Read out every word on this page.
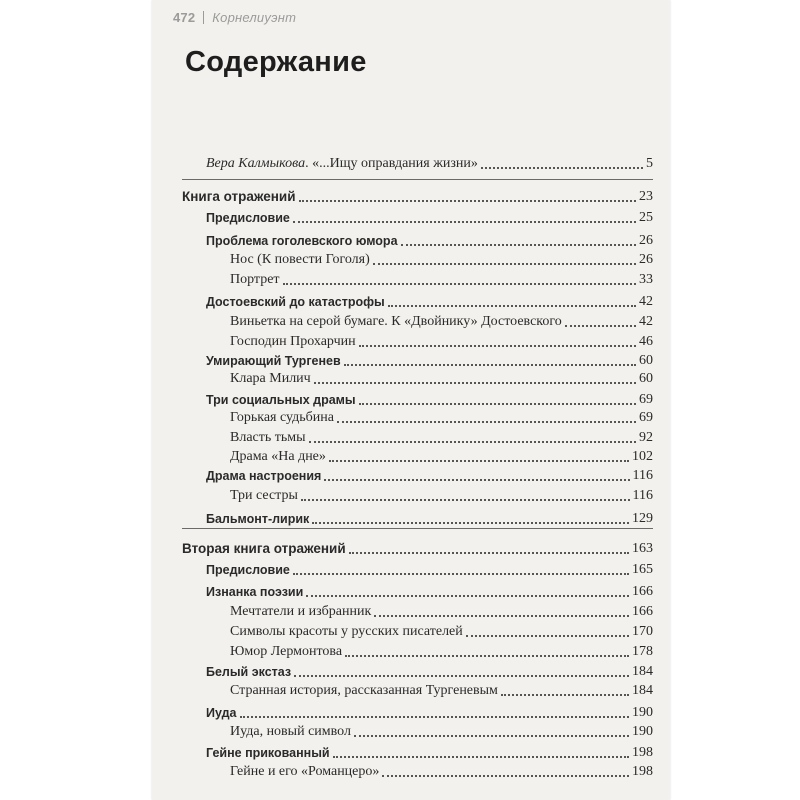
472 Корнелиуэнт
Содержание
Вера Калмыкова. «...Ищу оправдания жизни»	5
Книга отражений	23
Предисловие	25
Проблема гоголевского юмора	26
Нос (К повести Гоголя)	26
Портрет	33
Достоевский до катастрофы	42
Виньетка на серой бумаге. К «Двойнику» Достоевского	42
Господин Прохарчин	46
Умирающий Тургенев	60
Клара Милич	60
Три социальных драмы	69
Горькая судьбина	69
Власть тьмы	92
Драма «На дне»	102
Драма настроения	116
Три сестры	116
Бальмонт-лирик	129
Вторая книга отражений	163
Предисловие	165
Изнанка поэзии	166
Мечтатели и избранник	166
Символы красоты у русских писателей	170
Юмор Лермонтова	178
Белый экстаз	184
Странная история, рассказанная Тургеневым	184
Иуда	190
Иуда, новый символ	190
Гейне прикованный	198
Гейне и его «Романцеро»	198
